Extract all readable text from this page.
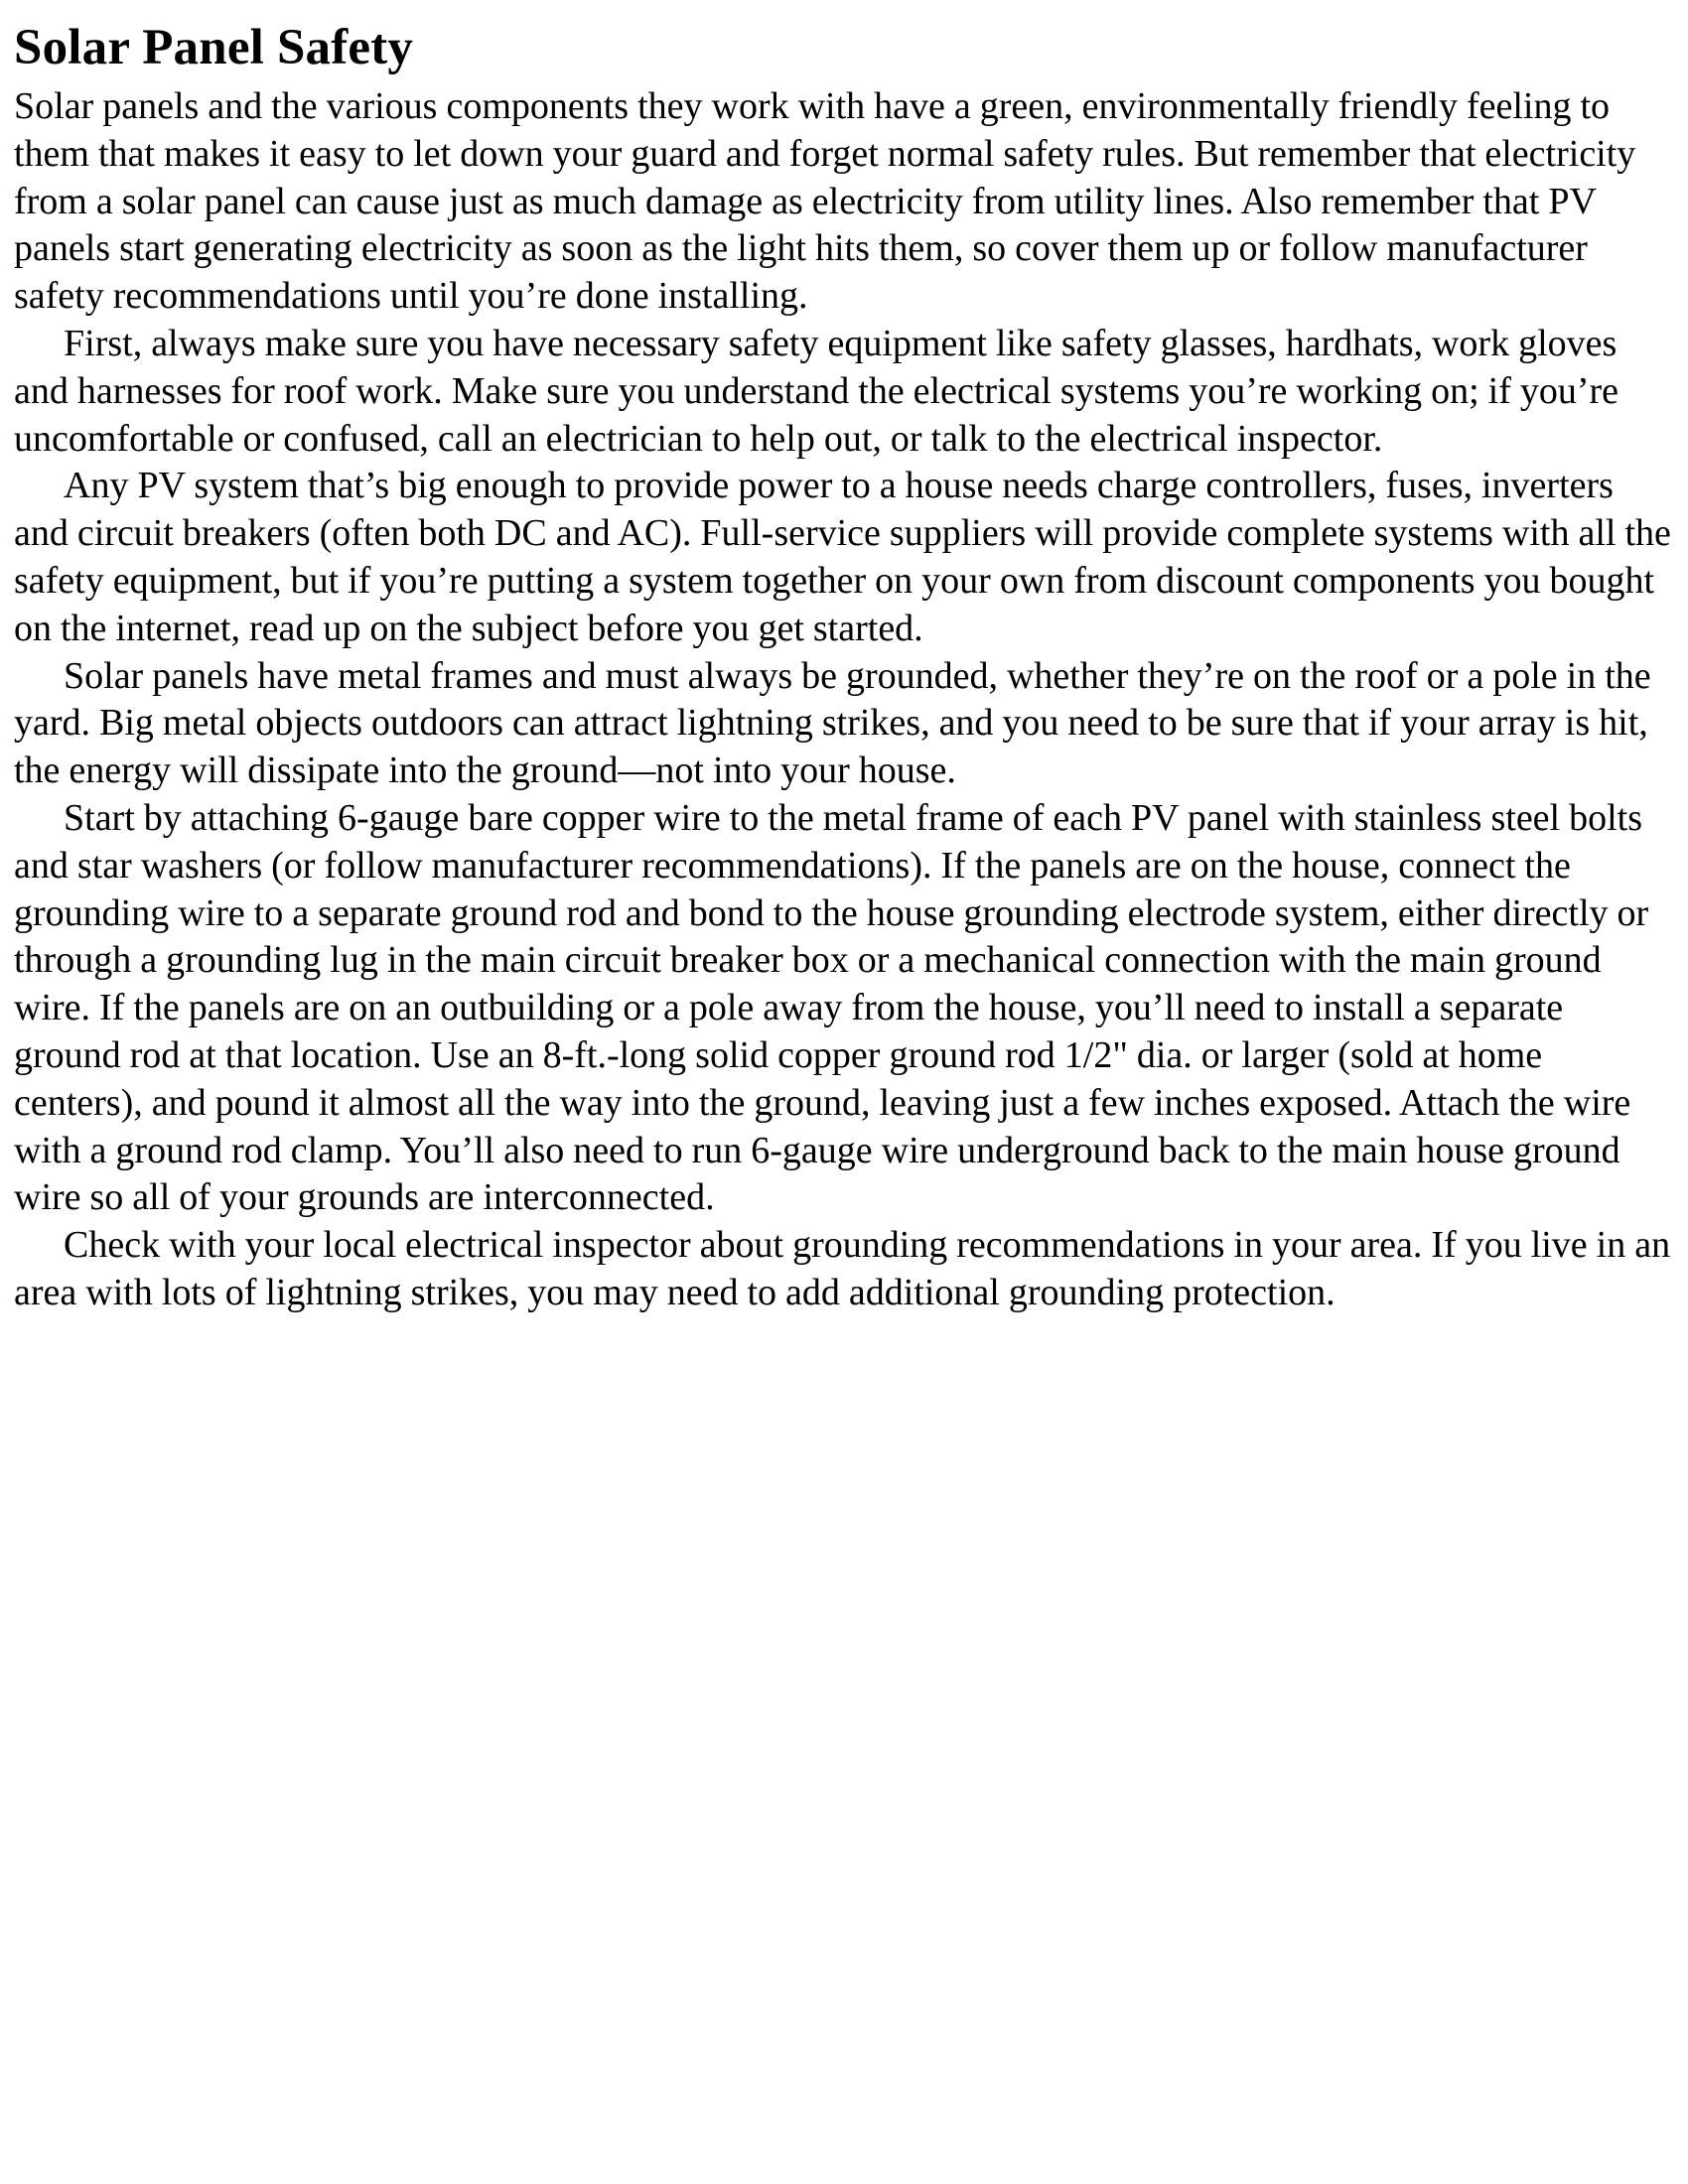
Solar Panel Safety

Solar panels and the various components they work with have a green, environmentally friendly feeling to them that makes it easy to let down your guard and forget normal safety rules. But remember that electricity from a solar panel can cause just as much damage as electricity from utility lines. Also remember that PV panels start generating electricity as soon as the light hits them, so cover them up or follow manufacturer safety recommendations until you’re done installing.

First, always make sure you have necessary safety equipment like safety glasses, hardhats, work gloves and harnesses for roof work. Make sure you understand the electrical systems you’re working on; if you’re uncomfortable or confused, call an electrician to help out, or talk to the electrical inspector.

Any PV system that’s big enough to provide power to a house needs charge controllers, fuses, inverters and circuit breakers (often both DC and AC). Full-service suppliers will provide complete systems with all the safety equipment, but if you’re putting a system together on your own from discount components you bought on the internet, read up on the subject before you get started.

Solar panels have metal frames and must always be grounded, whether they’re on the roof or a pole in the yard. Big metal objects outdoors can attract lightning strikes, and you need to be sure that if your array is hit, the energy will dissipate into the ground—not into your house.

Start by attaching 6-gauge bare copper wire to the metal frame of each PV panel with stainless steel bolts and star washers (or follow manufacturer recommendations). If the panels are on the house, connect the grounding wire to a separate ground rod and bond to the house grounding electrode system, either directly or through a grounding lug in the main circuit breaker box or a mechanical connection with the main ground wire. If the panels are on an outbuilding or a pole away from the house, you’ll need to install a separate ground rod at that location. Use an 8-ft.-long solid copper ground rod 1/2" dia. or larger (sold at home centers), and pound it almost all the way into the ground, leaving just a few inches exposed. Attach the wire with a ground rod clamp. You’ll also need to run 6-gauge wire underground back to the main house ground wire so all of your grounds are interconnected.

Check with your local electrical inspector about grounding recommendations in your area. If you live in an area with lots of lightning strikes, you may need to add additional grounding protection.
